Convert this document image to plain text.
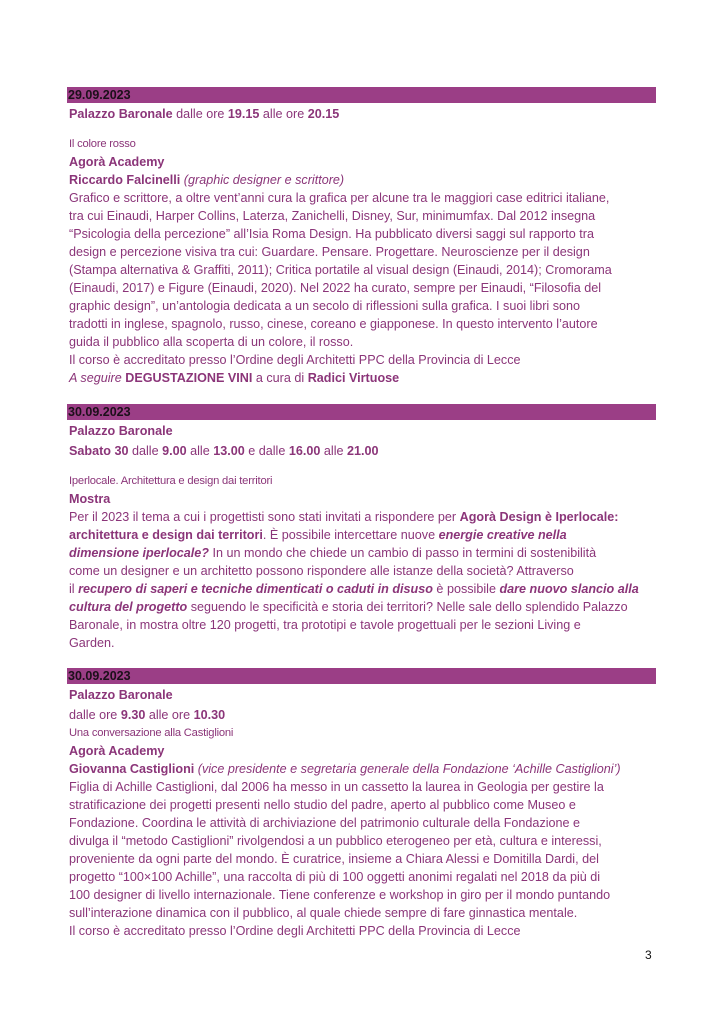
29.09.2023
Palazzo Baronale dalle ore 19.15 alle ore 20.15
Il colore rosso
Agorà Academy
Riccardo Falcinelli (graphic designer e scrittore)
Grafico e scrittore, a oltre vent’anni cura la grafica per alcune tra le maggiori case editrici italiane,
tra cui Einaudi, Harper Collins, Laterza, Zanichelli, Disney, Sur, minimumfax. Dal 2012 insegna
“Psicologia della percezione” all’Isia Roma Design. Ha pubblicato diversi saggi sul rapporto tra
design e percezione visiva tra cui: Guardare. Pensare. Progettare. Neuroscienze per il design
(Stampa alternativa & Graffiti, 2011); Critica portatile al visual design (Einaudi, 2014); Cromorama
(Einaudi, 2017) e Figure (Einaudi, 2020). Nel 2022 ha curato, sempre per Einaudi, “Filosofia del
graphic design”, un’antologia dedicata a un secolo di riflessioni sulla grafica. I suoi libri sono
tradotti in inglese, spagnolo, russo, cinese, coreano e giapponese. In questo intervento l’autore
guida il pubblico alla scoperta di un colore, il rosso.
Il corso è accreditato presso l’Ordine degli Architetti PPC della Provincia di Lecce
A seguire DEGUSTAZIONE VINI a cura di Radici Virtuose
30.09.2023
Palazzo Baronale
Sabato 30 dalle 9.00 alle 13.00 e dalle 16.00 alle 21.00
Iperlocale. Architettura e design dai territori
Mostra
Per il 2023 il tema a cui i progettisti sono stati invitati a rispondere per Agorà Design è Iperlocale:
architettura e design dai territori. È possibile intercettare nuove energie creative nella
dimensione iperlocale? In un mondo che chiede un cambio di passo in termini di sostenibilità
come un designer e un architetto possono rispondere alle istanze della società? Attraverso
il recupero di saperi e tecniche dimenticati o caduti in disuso è possibile dare nuovo slancio alla
cultura del progetto seguendo le specificità e storia dei territori? Nelle sale dello splendido Palazzo
Baronale, in mostra oltre 120 progetti, tra prototipi e tavole progettuali per le sezioni Living e
Garden.
30.09.2023
Palazzo Baronale
dalle ore 9.30 alle ore 10.30
Una conversazione alla Castiglioni
Agorà Academy
Giovanna Castiglioni (vice presidente e segretaria generale della Fondazione ‘Achille Castiglioni’)
Figlia di Achille Castiglioni, dal 2006 ha messo in un cassetto la laurea in Geologia per gestire la
stratificazione dei progetti presenti nello studio del padre, aperto al pubblico come Museo e
Fondazione. Coordina le attività di archiviazione del patrimonio culturale della Fondazione e
divulga il “metodo Castiglioni” rivolgendosi a un pubblico eterogeneo per età, cultura e interessi,
proveniente da ogni parte del mondo. È curatrice, insieme a Chiara Alessi e Domitilla Dardi, del
progetto “100×100 Achille”, una raccolta di più di 100 oggetti anonimi regalati nel 2018 da più di
100 designer di livello internazionale. Tiene conferenze e workshop in giro per il mondo puntando
sull’interazione dinamica con il pubblico, al quale chiede sempre di fare ginnastica mentale.
Il corso è accreditato presso l’Ordine degli Architetti PPC della Provincia di Lecce
3
